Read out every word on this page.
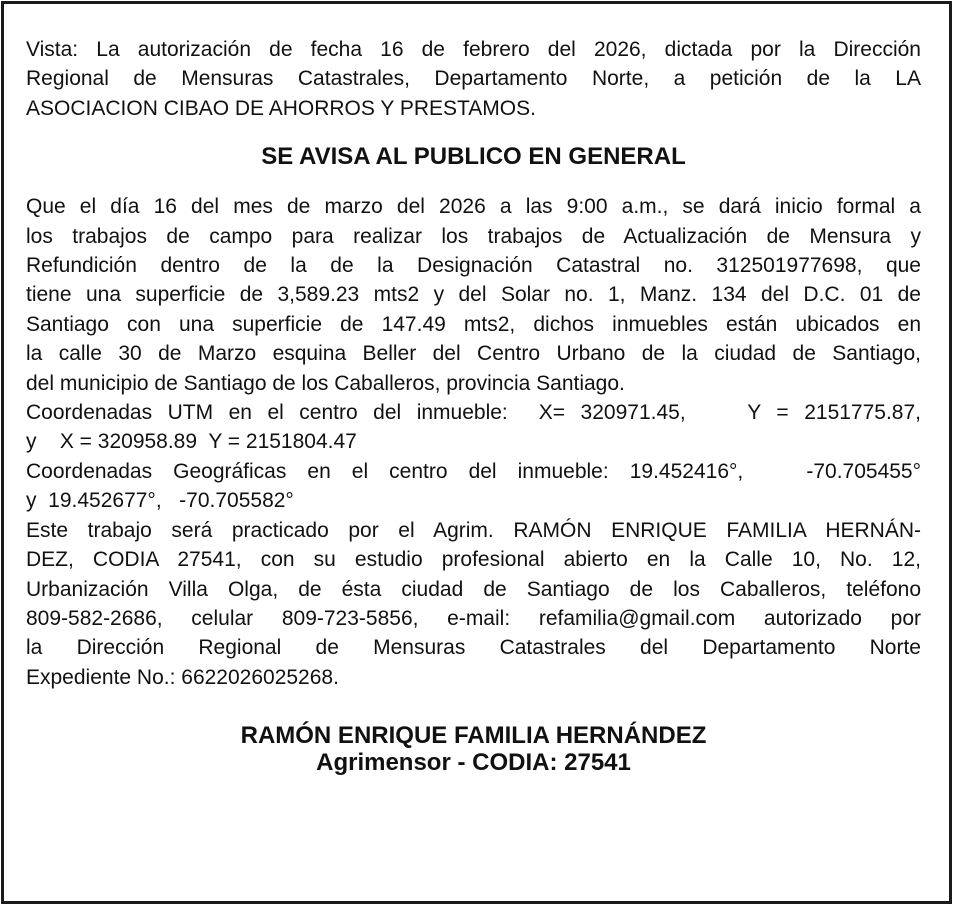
Vista: La autorización de fecha 16 de febrero del 2026, dictada por la Dirección
Regional de Mensuras Catastrales, Departamento Norte, a petición de la LA
ASOCIACION CIBAO DE AHORROS Y PRESTAMOS.

SE AVISA AL PUBLICO EN GENERAL

Que el día 16 del mes de marzo del 2026 a las 9:00 a.m., se dará inicio formal a
los trabajos de campo para realizar los trabajos de Actualización de Mensura y
Refundición dentro de la de la Designación Catastral no. 312501977698, que
tiene una superficie de 3,589.23 mts2 y del Solar no. 1, Manz. 134 del D.C. 01 de
Santiago con una superficie de 147.49 mts2, dichos inmuebles están ubicados en
la calle 30 de Marzo esquina Beller del Centro Urbano de la ciudad de Santiago,
del municipio de Santiago de los Caballeros, provincia Santiago.

Coordenadas UTM en el centro del inmueble:  X= 320971.45,    Y = 2151775.87,
y    X = 320958.89  Y = 2151804.47

Coordenadas Geográficas en el centro del inmueble: 19.452416°,   -70.705455°
y  19.452677°,   -70.705582°

Este trabajo será practicado por el Agrim. RAMÓN ENRIQUE FAMILIA HERNÁN-
DEZ, CODIA 27541, con su estudio profesional abierto en la Calle 10, No. 12,
Urbanización Villa Olga, de ésta ciudad de Santiago de los Caballeros, teléfono
809-582-2686, celular 809-723-5856, e-mail: refamilia@gmail.com autorizado por
la Dirección Regional de Mensuras Catastrales del Departamento Norte
Expediente No.: 6622026025268.

RAMÓN ENRIQUE FAMILIA HERNÁNDEZ
Agrimensor - CODIA: 27541
